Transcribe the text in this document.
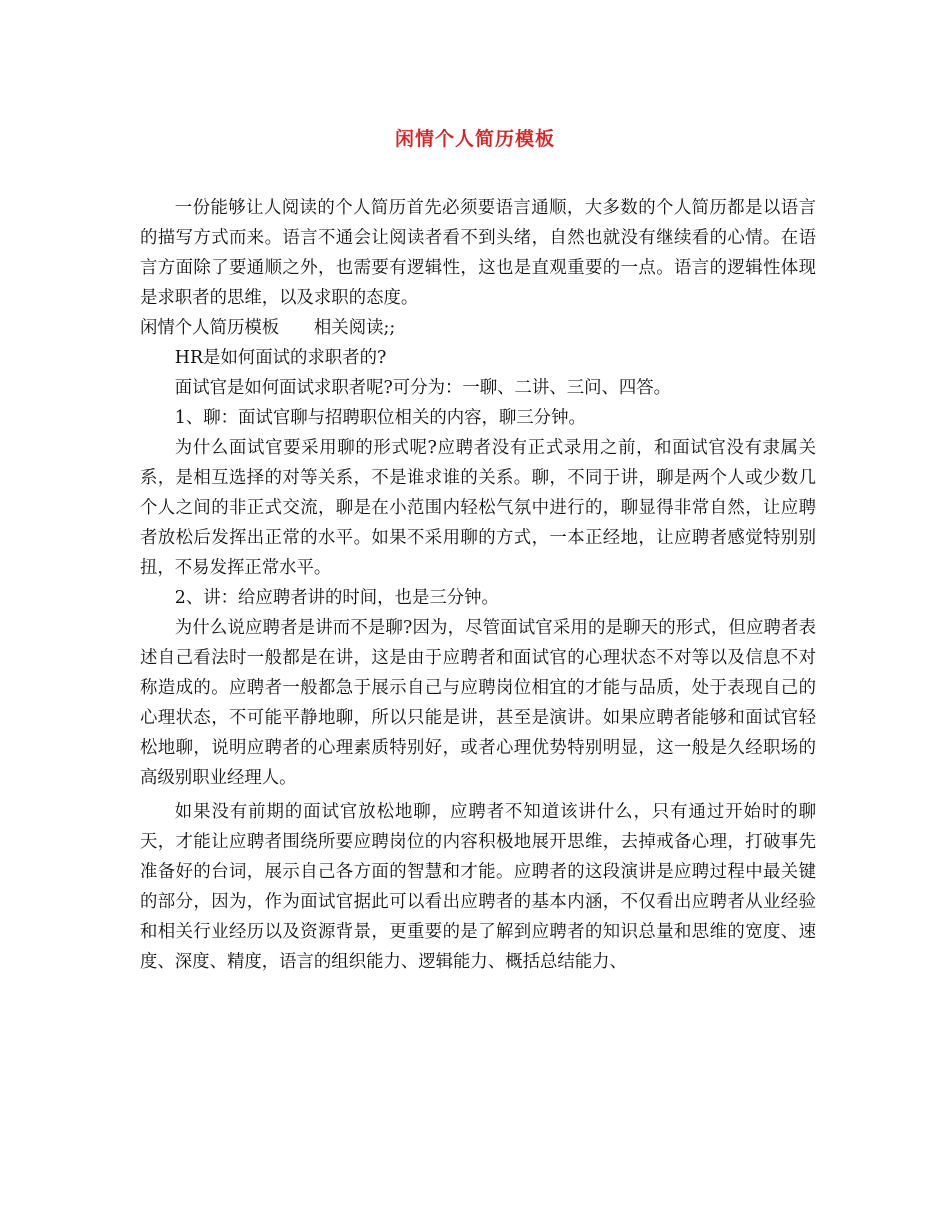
闲情个人简历模板

一份能够让人阅读的个人简历首先必须要语言通顺，大多数的个人简历都是以语言的描写方式而来。语言不通会让阅读者看不到头绪，自然也就没有继续看的心情。在语言方面除了要通顺之外，也需要有逻辑性，这也是直观重要的一点。语言的逻辑性体现是求职者的思维，以及求职的态度。

闲情个人简历模板　　相关阅读;;

HR是如何面试的求职者的?

面试官是如何面试求职者呢?可分为：一聊、二讲、三问、四答。

1、聊：面试官聊与招聘职位相关的内容，聊三分钟。

为什么面试官要采用聊的形式呢?应聘者没有正式录用之前，和面试官没有隶属关系，是相互选择的对等关系，不是谁求谁的关系。聊，不同于讲，聊是两个人或少数几个人之间的非正式交流，聊是在小范围内轻松气氛中进行的，聊显得非常自然，让应聘者放松后发挥出正常的水平。如果不采用聊的方式，一本正经地，让应聘者感觉特别别扭，不易发挥正常水平。

2、讲：给应聘者讲的时间，也是三分钟。

为什么说应聘者是讲而不是聊?因为，尽管面试官采用的是聊天的形式，但应聘者表述自己看法时一般都是在讲，这是由于应聘者和面试官的心理状态不对等以及信息不对称造成的。应聘者一般都急于展示自己与应聘岗位相宜的才能与品质，处于表现自己的心理状态，不可能平静地聊，所以只能是讲，甚至是演讲。如果应聘者能够和面试官轻松地聊，说明应聘者的心理素质特别好，或者心理优势特别明显，这一般是久经职场的高级别职业经理人。

如果没有前期的面试官放松地聊，应聘者不知道该讲什么，只有通过开始时的聊天，才能让应聘者围绕所要应聘岗位的内容积极地展开思维，去掉戒备心理，打破事先准备好的台词，展示自己各方面的智慧和才能。应聘者的这段演讲是应聘过程中最关键的部分，因为，作为面试官据此可以看出应聘者的基本内涵，不仅看出应聘者从业经验和相关行业经历以及资源背景，更重要的是了解到应聘者的知识总量和思维的宽度、速度、深度、精度，语言的组织能力、逻辑能力、概括总结能力、
